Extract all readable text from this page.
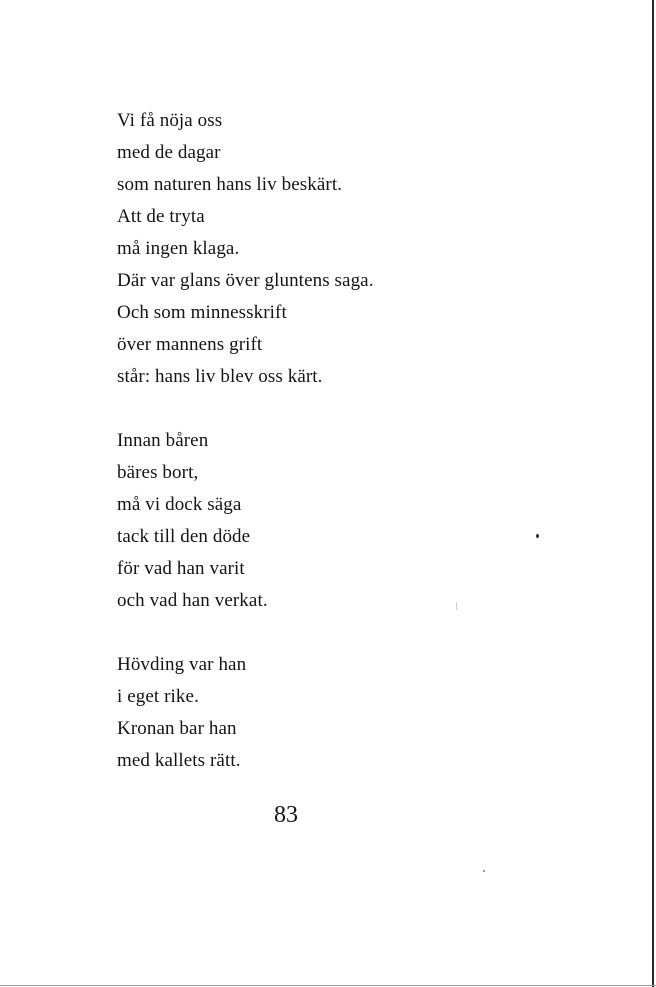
Vi få nöja oss
med de dagar
som naturen hans liv beskärt.
Att de tryta
må ingen klaga.
Där var glans över gluntens saga.
Och som minnesskrift
över mannens grift
står: hans liv blev oss kärt.
Innan båren
bäres bort,
må vi dock säga
tack till den döde
för vad han varit
och vad han verkat.
Hövding var han
i eget rike.
Kronan bar han
med kallets rätt.
83
